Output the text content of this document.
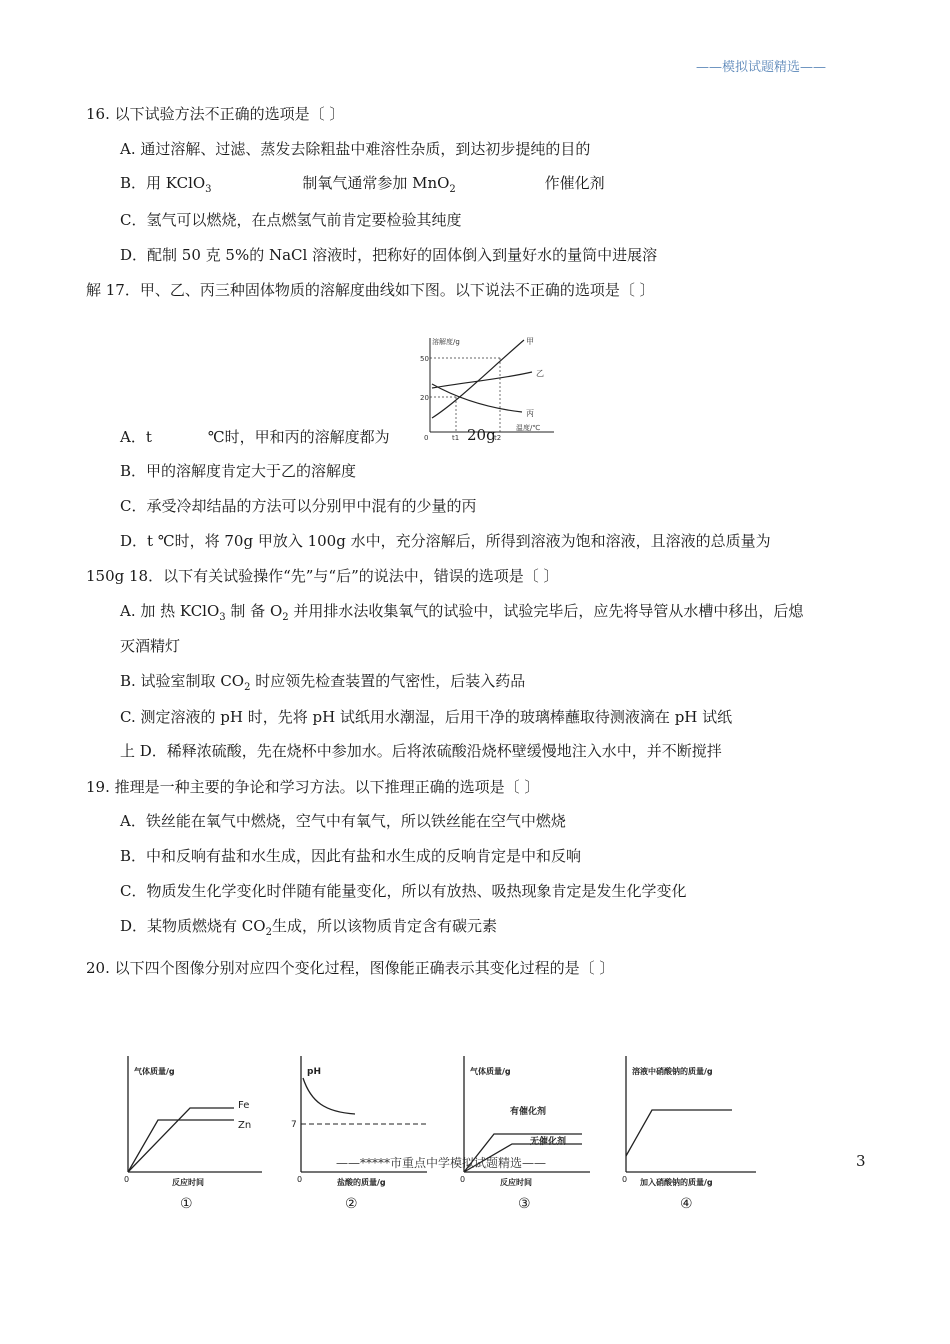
——模拟试题精选——
16. 以下试验方法不正确的选项是〔 〕
A. 通过溶解、过滤、蒸发去除粗盐中难溶性杂质，到达初步提纯的目的
B．用 KClO$_3$	制氧气通常参加 MnO$_2$	作催化剂
C．氢气可以燃烧，在点燃氢气前肯定要检验其纯度
D．配制 50 克 5%的 NaCl 溶液时，把称好的固体倒入到量好水的量筒中进展溶
解 17．甲、乙、丙三种固体物质的溶解度曲线如下图。以下说法不正确的选项是〔 〕
溶解度/g
温度/℃
50
20
0	t1	t2
甲
乙
丙
A．t	℃时，甲和丙的溶解度都为	20g
B．甲的溶解度肯定大于乙的溶解度
C．承受冷却结晶的方法可以分别甲中混有的少量的丙
D．t ℃时，将 70g 甲放入 100g 水中，充分溶解后，所得到溶液为饱和溶液，且溶液的总质量为
150g 18．以下有关试验操作“先”与“后”的说法中，错误的选项是〔 〕
A. 加 热 KClO$_3$ 制 备 $O_2$ 并用排水法收集氧气的试验中，试验完毕后，应先将导管从水槽中移出，后熄
灭酒精灯
B. 试验室制取 $CO_2$ 时应领先检查装置的气密性，后装入药品
C. 测定溶液的 pH 时，先将 pH 试纸用水潮湿，后用干净的玻璃棒蘸取待测液滴在 pH 试纸
上 D．稀释浓硫酸，先在烧杯中参加水。后将浓硫酸沿烧杯壁缓慢地注入水中，并不断搅拌
19. 推理是一种主要的争论和学习方法。以下推理正确的选项是〔 〕
A．铁丝能在氧气中燃烧，空气中有氧气，所以铁丝能在空气中燃烧
B．中和反响有盐和水生成，因此有盐和水生成的反响肯定是中和反响
C．物质发生化学变化时伴随有能量变化，所以有放热、吸热现象肯定是发生化学变化
D．某物质燃烧有 $CO_2$生成，所以该物质肯定含有碳元素
20. 以下四个图像分别对应四个变化过程，图像能正确表示其变化过程的是〔 〕
气体质量/g
反应时间
0
Fe
Zn
①
pH
盐酸的质量/g
0
7
②
气体质量/g
反应时间
0
有催化剂
无催化剂
③
溶液中硝酸钠的质量/g
加入硝酸钠的质量/g
0
④
——*****市重点中学模拟试题精选——	3
